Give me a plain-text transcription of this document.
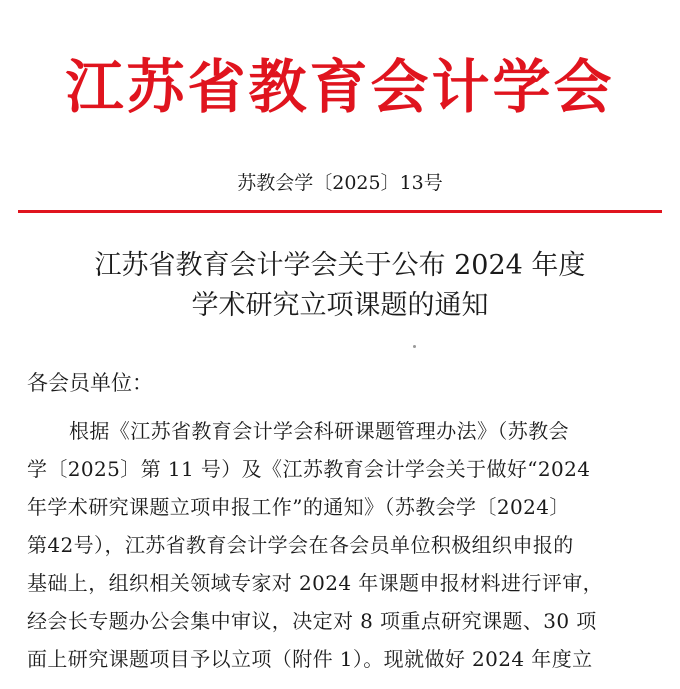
江苏省教育会计学会
苏教会学〔2025〕13号
江苏省教育会计学会关于公布 2024 年度
学术研究立项课题的通知
各会员单位：
根据《江苏省教育会计学会科研课题管理办法》（苏教会
学〔2025〕第 11 号）及《江苏教育会计学会关于做好“2024
年学术研究课题立项申报工作”的通知》（苏教会学〔2024〕
第42号），江苏省教育会计学会在各会员单位积极组织申报的
基础上，组织相关领域专家对 2024 年课题申报材料进行评审，
经会长专题办公会集中审议，决定对 8 项重点研究课题、30 项
面上研究课题项目予以立项（附件 1）。现就做好 2024 年度立
